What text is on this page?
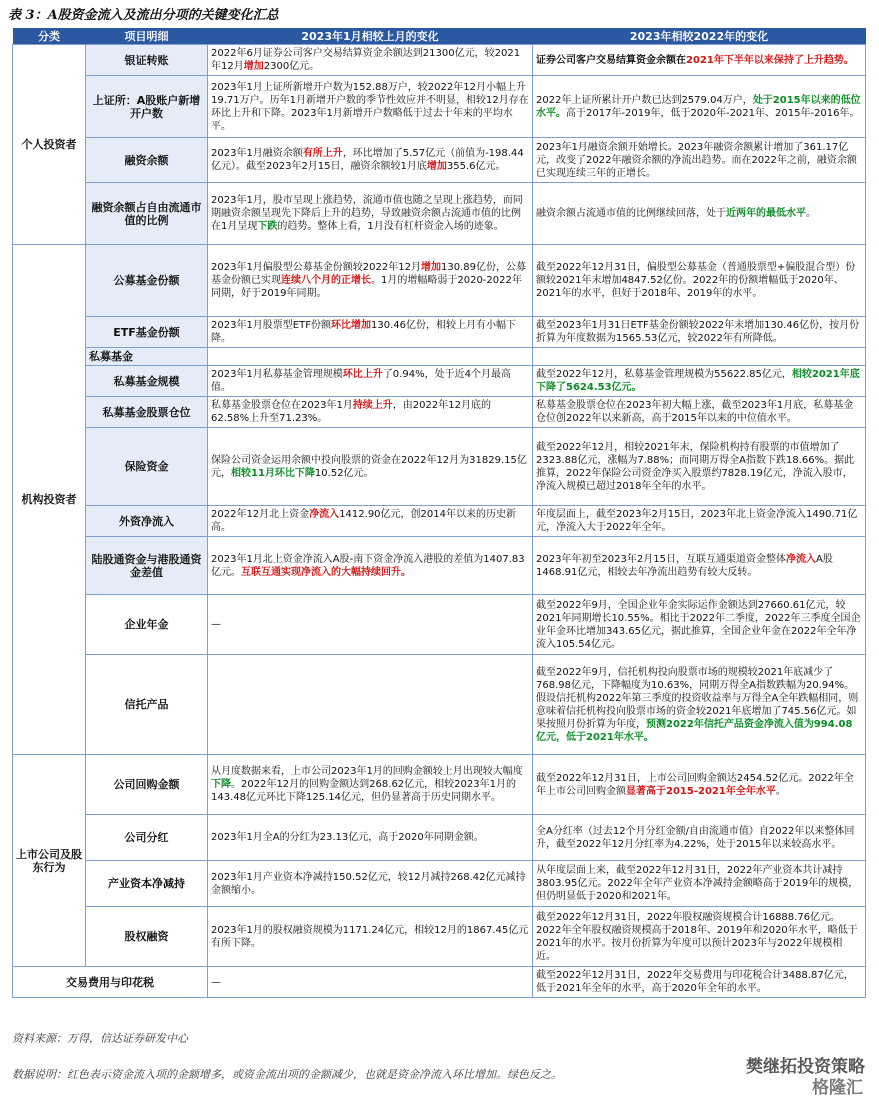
表 3：A股资金流入及流出分项的关键变化汇总
分类	项目明细	2023年1月相较上月的变化	2023年相较2022年的变化
个人投资者	银证转账	2022年6月证券公司客户交易结算资金余额达到21300亿元，较2021年12月增加2300亿元。	证券公司客户交易结算资金余额在2021年下半年以来保持了上升趋势。
	上证所：A股账户新增开户数	2023年1月上证所新增开户数为152.88万户，较2022年12月小幅上升19.71万户。历年1月新增开户数的季节性效应并不明显，相较12月存在环比上升和下降。2023年1月新增开户数略低于过去十年来的平均水平。	2022年上证所累计开户数已达到2579.04万户，处于2015年以来的低位水平。高于2017年-2019年，低于2020年-2021年、2015年-2016年。
	融资余额	2023年1月融资余额有所上升，环比增加了5.57亿元（前值为-198.44亿元）。截至2023年2月15日，融资余额较1月底增加355.6亿元。	2023年1月融资余额开始增长。2023年融资余额累计增加了361.17亿元，改变了2022年融资余额的净流出趋势。而在2022年之前，融资余额已实现连续三年的正增长。
	融资余额占自由流通市值的比例	2023年1月，股市呈现上涨趋势，流通市值也随之呈现上涨趋势，而同期融资余额呈现先下降后上升的趋势，导致融资余额占流通市值的比例在1月呈现下跌的趋势。整体上看，1月没有杠杆资金入场的迹象。	融资余额占流通市值的比例继续回落，处于近两年的最低水平。
机构投资者	公募基金份额	2023年1月偏股型公募基金份额较2022年12月增加130.89亿份，公募基金份额已实现连续八个月的正增长。1月的增幅略弱于2020-2022年同期，好于2019年同期。	截至2022年12月31日，偏股型公募基金（普通股票型+偏股混合型）份额较2021年末增加4847.52亿份。2022年的份额增幅低于2020年、2021年的水平，但好于2018年、2019年的水平。
	ETF基金份额	2023年1月股票型ETF份额环比增加130.46亿份，相较上月有小幅下降。	截至2023年1月31日ETF基金份额较2022年末增加130.46亿份，按月份折算为年度数据为1565.53亿元，较2022年有所降低。
	私募基金		
	私募基金规模	2023年1月私募基金管理规模环比上升了0.94%，处于近4个月最高值。	截至2022年12月，私募基金管理规模为55622.85亿元，相较2021年底下降了5624.53亿元。
	私募基金股票仓位	私募基金股票仓位在2023年1月持续上升，由2022年12月底的62.58%上升至71.23%。	私募基金股票仓位在2023年初大幅上涨，截至2023年1月底，私募基金仓位创2022年以来新高，高于2015年以来的中位值水平。
	保险资金	保险公司资金运用余额中投向股票的资金在2022年12月为31829.15亿元，相较11月环比下降10.52亿元。	截至2022年12月，相较2021年末，保险机构持有股票的市值增加了2323.88亿元，涨幅为7.88%；而同期万得全A指数下跌18.66%。据此推算，2022年保险公司资金净买入股票约7828.19亿元，净流入股市，净流入规模已超过2018年全年的水平。
	外资净流入	2022年12月北上资金净流入1412.90亿元，创2014年以来的历史新高。	年度层面上，截至2023年2月15日，2023年北上资金净流入1490.71亿元，净流入大于2022年全年。
	陆股通资金与港股通资金差值	2023年1月北上资金净流入A股-南下资金净流入港股的差值为1407.83亿元。互联互通实现净流入的大幅持续回升。	2023年年初至2023年2月15日，互联互通渠道资金整体净流入A股1468.91亿元，相较去年净流出趋势有较大反转。
	企业年金	—	截至2022年9月，全国企业年金实际运作金额达到27660.61亿元，较2021年同期增长10.55%。相比于2022年二季度，2022年三季度全国企业年金环比增加343.65亿元，据此推算，全国企业年金在2022年全年净流入105.54亿元。
	信托产品		截至2022年9月，信托机构投向股票市场的规模较2021年底减少了768.98亿元，下降幅度为10.63%，同期万得全A指数跌幅为20.94%。假设信托机构2022年第三季度的投资收益率与万得全A全年跌幅相同，则意味着信托机构投向股票市场的资金较2021年底增加了745.56亿元。如果按照月份折算为年度，预测2022年信托产品资金净流入值为994.08亿元，低于2021年水平。
上市公司及股东行为	公司回购金额	从月度数据来看，上市公司2023年1月的回购金额较上月出现较大幅度下降。2022年12月的回购金额达到268.62亿元，相较2023年1月的143.48亿元环比下降125.14亿元，但仍显著高于历史同期水平。	截至2022年12月31日，上市公司回购金额达2454.52亿元。2022年全年上市公司回购金额显著高于2015-2021年全年水平。
	公司分红	2023年1月全A的分红为23.13亿元，高于2020年同期金额。	全A分红率（过去12个月分红金额/自由流通市值）自2022年以来整体回升，截至2022年12月分红率为4.22%，处于2015年以来较高水平。
	产业资本净减持	2023年1月产业资本净减持150.52亿元，较12月减持268.42亿元减持金额缩小。	从年度层面上来，截至2022年12月31日，2022年产业资本共计减持3803.95亿元。2022年全年产业资本净减持金额略高于2019年的规模，但仍明显低于2020和2021年。
	股权融资	2023年1月的股权融资规模为1171.24亿元，相较12月的1867.45亿元有所下降。	截至2022年12月31日，2022年股权融资规模合计16888.76亿元。2022年全年股权融资规模高于2018年、2019年和2020年水平，略低于2021年的水平。按月份折算为年度可以预计2023年与2022年规模相近。
交易费用与印花税		—	截至2022年12月31日，2022年交易费用与印花税合计3488.87亿元，低于2021年全年的水平，高于2020年全年的水平。
资料来源：万得，信达证券研发中心
数据说明：红色表示资金流入项的金额增多，或资金流出项的金额减少，也就是资金净流入环比增加。绿色反之。	樊继拓投资策略
格隆汇
